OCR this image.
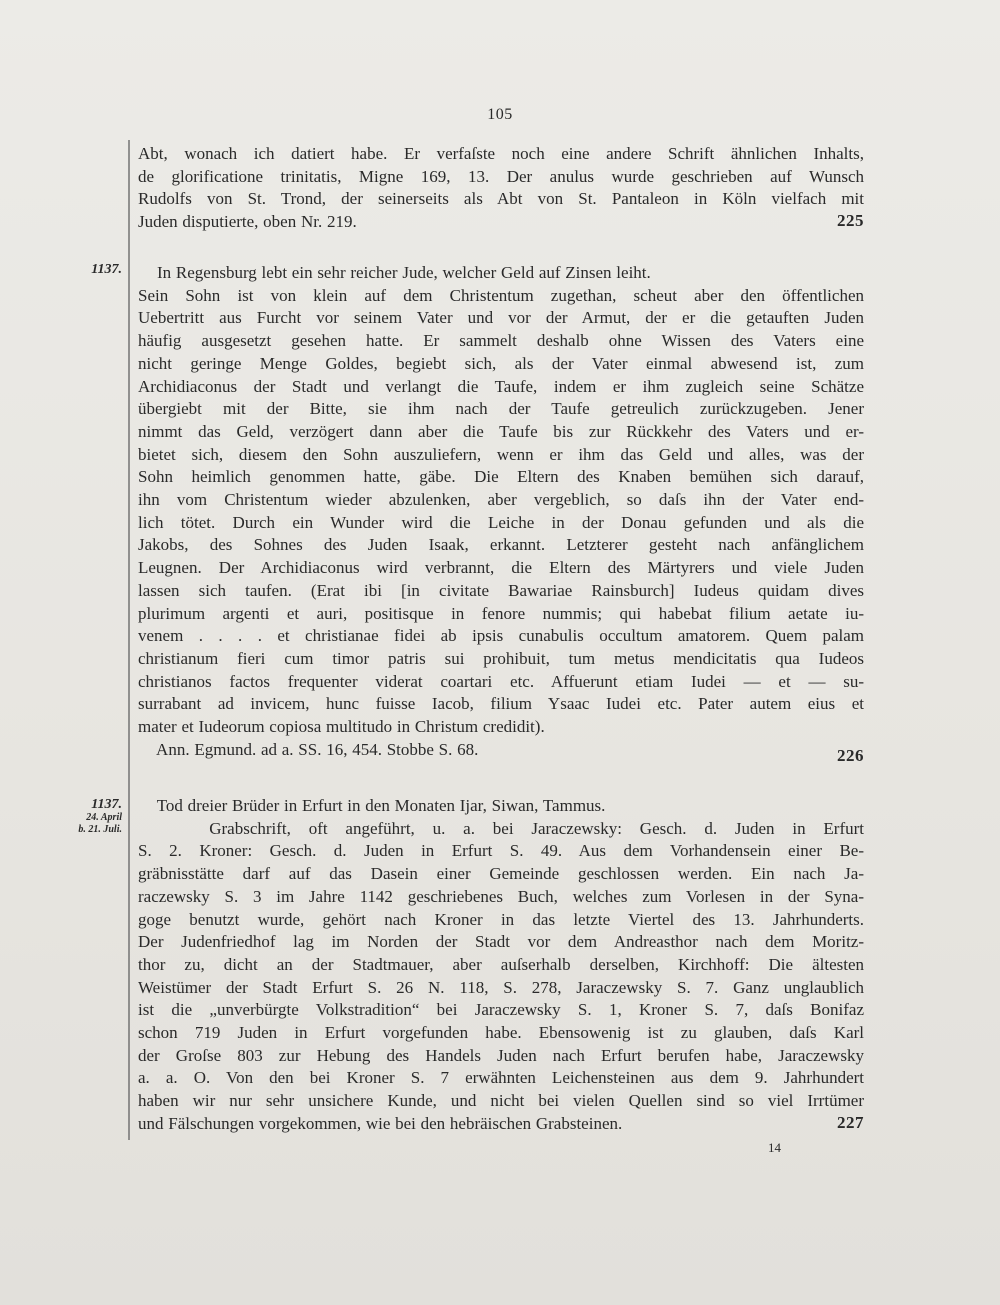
105
Abt, wonach ich datiert habe. Er verfaſste noch eine andere Schrift ähnlichen Inhalts,
de glorificatione trinitatis, Migne 169, 13. Der anulus wurde geschrieben auf Wunsch
Rudolfs von St. Trond, der seinerseits als Abt von St. Pantaleon in Köln vielfach mit
Juden disputierte, oben Nr. 219.	225
1137. In Regensburg lebt ein sehr reicher Jude, welcher Geld auf Zinsen leiht.
Sein Sohn ist von klein auf dem Christentum zugethan, scheut aber den öffentlichen
Uebertritt aus Furcht vor seinem Vater und vor der Armut, der er die getauften Juden
häufig ausgesetzt gesehen hatte. Er sammelt deshalb ohne Wissen des Vaters eine
nicht geringe Menge Goldes, begiebt sich, als der Vater einmal abwesend ist, zum
Archidiaconus der Stadt und verlangt die Taufe, indem er ihm zugleich seine Schätze
übergiebt mit der Bitte, sie ihm nach der Taufe getreulich zurückzugeben. Jener
nimmt das Geld, verzögert dann aber die Taufe bis zur Rückkehr des Vaters und er-
bietet sich, diesem den Sohn auszuliefern, wenn er ihm das Geld und alles, was der
Sohn heimlich genommen hatte, gäbe. Die Eltern des Knaben bemühen sich darauf,
ihn vom Christentum wieder abzulenken, aber vergeblich, so daſs ihn der Vater end-
lich tötet. Durch ein Wunder wird die Leiche in der Donau gefunden und als die
Jakobs, des Sohnes des Juden Isaak, erkannt. Letzterer gesteht nach anfänglichem
Leugnen. Der Archidiaconus wird verbrannt, die Eltern des Märtyrers und viele Juden
lassen sich taufen. (Erat ibi [in civitate Bawariae Rainsburch] Iudeus quidam dives
plurimum argenti et auri, positisque in fenore nummis; qui habebat filium aetate iu-
venem . . . . et christianae fidei ab ipsis cunabulis occultum amatorem. Quem palam
christianum fieri cum timor patris sui prohibuit, tum metus mendicitatis qua Iudeos
christianos factos frequenter viderat coartari etc. Affuerunt etiam Iudei — et — su-
surrabant ad invicem, hunc fuisse Iacob, filium Ysaac Iudei etc. Pater autem eius et
mater et Iudeorum copiosa multitudo in Christum credidit).
Ann. Egmund. ad a. SS. 16, 454. Stobbe S. 68.	226
1137.
24. April
b. 21. Juli.
Tod dreier Brüder in Erfurt in den Monaten Ijar, Siwan, Tammus.
Grabschrift, oft angeführt, u. a. bei Jaraczewsky: Gesch. d. Juden in Erfurt
S. 2. Kroner: Gesch. d. Juden in Erfurt S. 49. Aus dem Vorhandensein einer Be-
gräbnisstätte darf auf das Dasein einer Gemeinde geschlossen werden. Ein nach Ja-
raczewsky S. 3 im Jahre 1142 geschriebenes Buch, welches zum Vorlesen in der Syna-
goge benutzt wurde, gehört nach Kroner in das letzte Viertel des 13. Jahrhunderts.
Der Judenfriedhof lag im Norden der Stadt vor dem Andreasthor nach dem Moritz-
thor zu, dicht an der Stadtmauer, aber auſserhalb derselben, Kirchhoff: Die ältesten
Weistümer der Stadt Erfurt S. 26 N. 118, S. 278, Jaraczewsky S. 7. Ganz unglaublich
ist die „unverbürgte Volkstradition“ bei Jaraczewsky S. 1, Kroner S. 7, daſs Bonifaz
schon 719 Juden in Erfurt vorgefunden habe. Ebensowenig ist zu glauben, daſs Karl
der Groſse 803 zur Hebung des Handels Juden nach Erfurt berufen habe, Jaraczewsky
a. a. O. Von den bei Kroner S. 7 erwähnten Leichensteinen aus dem 9. Jahrhundert
haben wir nur sehr unsichere Kunde, und nicht bei vielen Quellen sind so viel Irrtümer
und Fälschungen vorgekommen, wie bei den hebräischen Grabsteinen.	227
14
